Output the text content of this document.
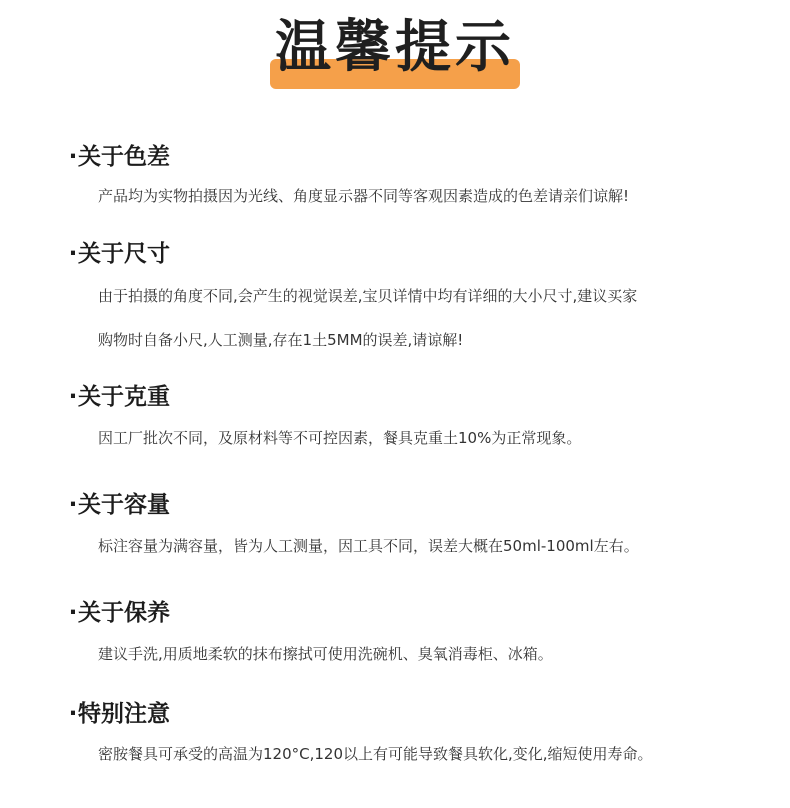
温馨提示
·关于色差
产品均为实物拍摄因为光线、角度显示器不同等客观因素造成的色差请亲们谅解!
·关于尺寸
由于拍摄的角度不同,会产生的视觉误差,宝贝详情中均有详细的大小尺寸,建议买家
购物时自备小尺,人工测量,存在1土5MM的误差,请谅解!
·关于克重
因工厂批次不同，及原材料等不可控因素，餐具克重土10%为正常现象。
·关于容量
标注容量为满容量，皆为人工测量，因工具不同，误差大概在50ml-100ml左右。
·关于保养
建议手洗,用质地柔软的抹布擦拭可使用洗碗机、臭氧消毒柜、冰箱。
·特别注意
密胺餐具可承受的高温为120°C,120以上有可能导致餐具软化,变化,缩短使用寿命。
